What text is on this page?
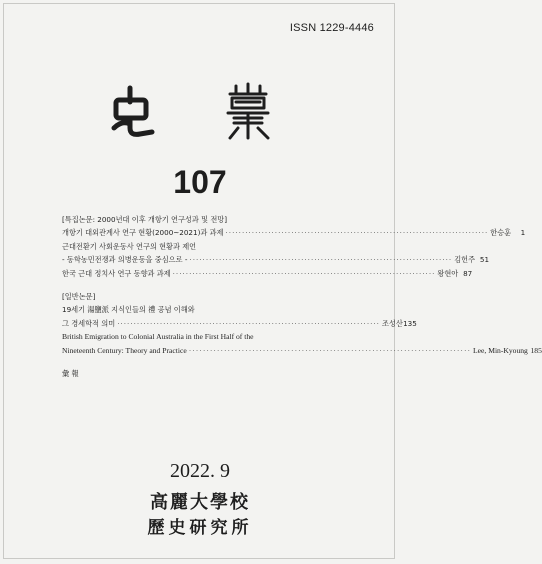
ISSN 1229-4446
107
[특집논문: 2000년대 이후 개항기 연구성과 및 전망]
개항기 대외관계사 연구 현황(2000~2021)과 과제 ················································································ 한승훈	1
근대전환기 사회운동사 연구의 현황과 제언
- 동학농민전쟁과 의병운동을 중심으로 - ················································································ 김헌주 51
한국 근대 정치사 연구 동향과 과제 ················································································ 왕현아 87
[일반논문]
19세기 湯鹽派 지식인들의 禮 공념 이해와
그 경세학적 의미 ················································································ 조성산 135
British Emigration to Colonial Australia in the First Half of the
Nineteenth Century: Theory and Practice ················································································ Lee, Min-Kyoung 185
彙 報
2022. 9
高麗大學校
歷史研究所
